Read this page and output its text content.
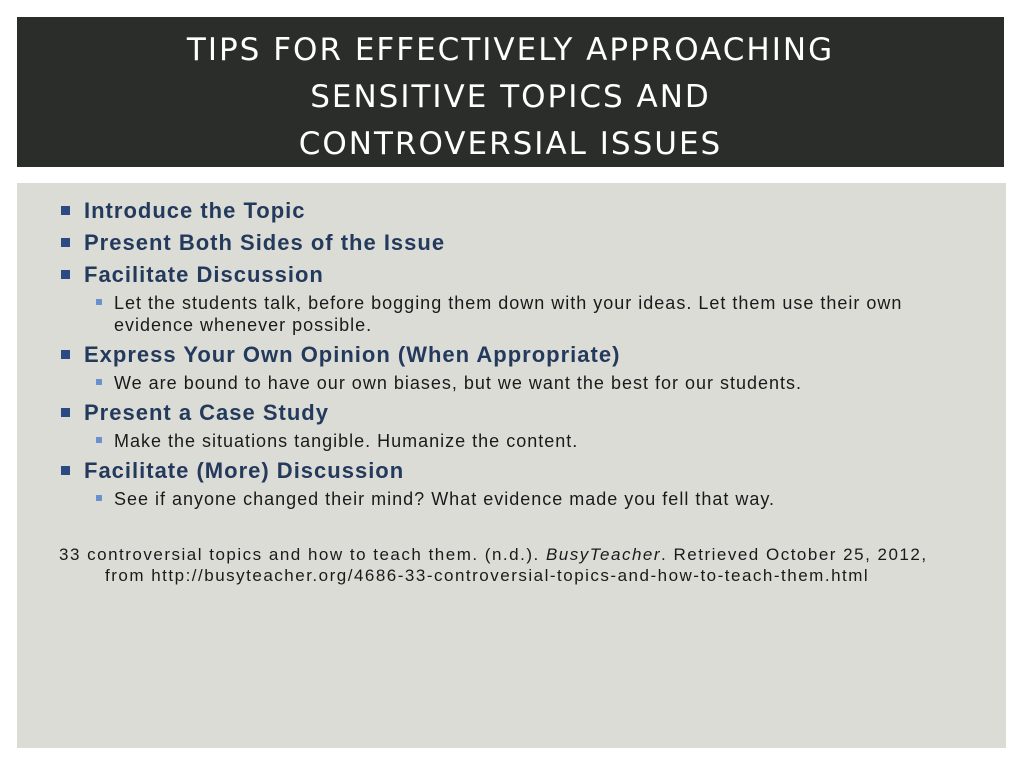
TIPS FOR EFFECTIVELY APPROACHING
SENSITIVE TOPICS AND
CONTROVERSIAL ISSUES
Introduce the Topic
Present Both Sides of the Issue
Facilitate Discussion
Let the students talk, before bogging them down with your ideas. Let them use their own evidence whenever possible.
Express Your Own Opinion (When Appropriate)
We are bound to have our own biases, but we want the best for our students.
Present a Case Study
Make the situations tangible. Humanize the content.
Facilitate (More) Discussion
See if anyone changed their mind? What evidence made you fell that way.
33 controversial topics and how to teach them. (n.d.). BusyTeacher. Retrieved October 25, 2012, from http://busyteacher.org/4686-33-controversial-topics-and-how-to-teach-them.html
